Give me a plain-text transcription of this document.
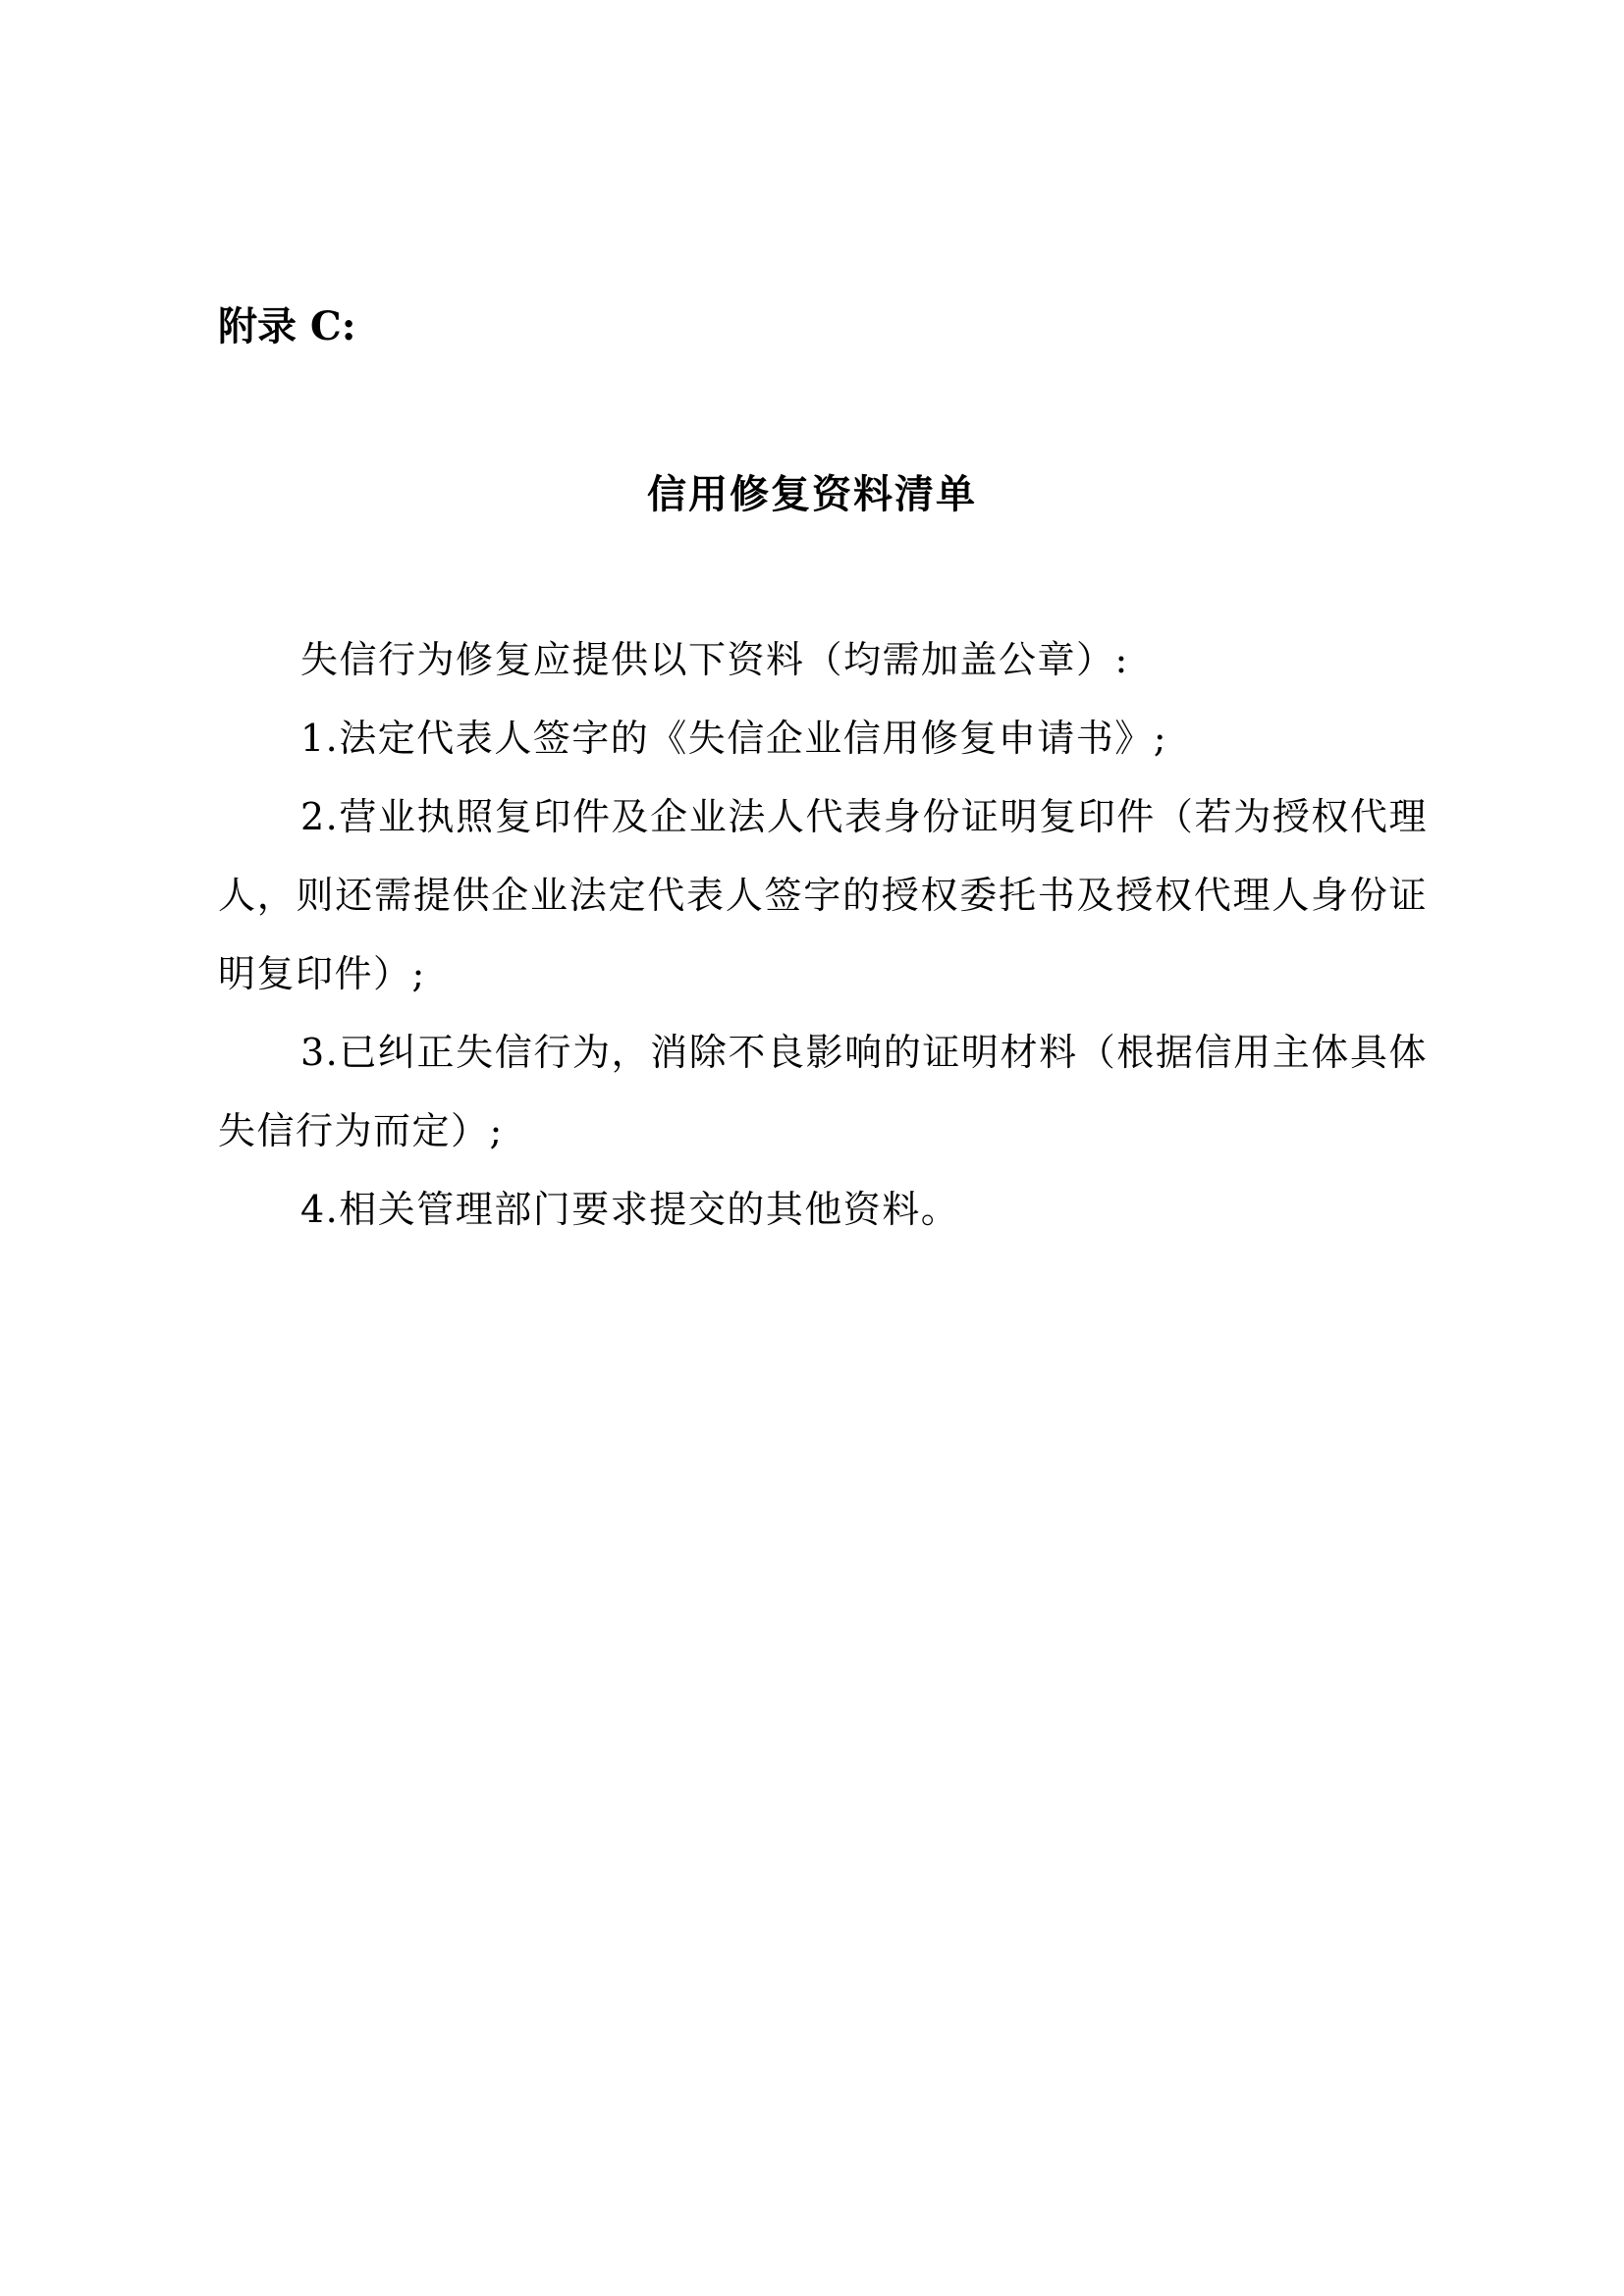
附录 C:
信用修复资料清单

失信行为修复应提供以下资料（均需加盖公章）:

1.法定代表人签字的《失信企业信用修复申请书》;

2.营业执照复印件及企业法人代表身份证明复印件（若为授权代理人，则还需提供企业法定代表人签字的授权委托书及授权代理人身份证明复印件）;

3.已纠正失信行为，消除不良影响的证明材料（根据信用主体具体失信行为而定）;

4.相关管理部门要求提交的其他资料。
